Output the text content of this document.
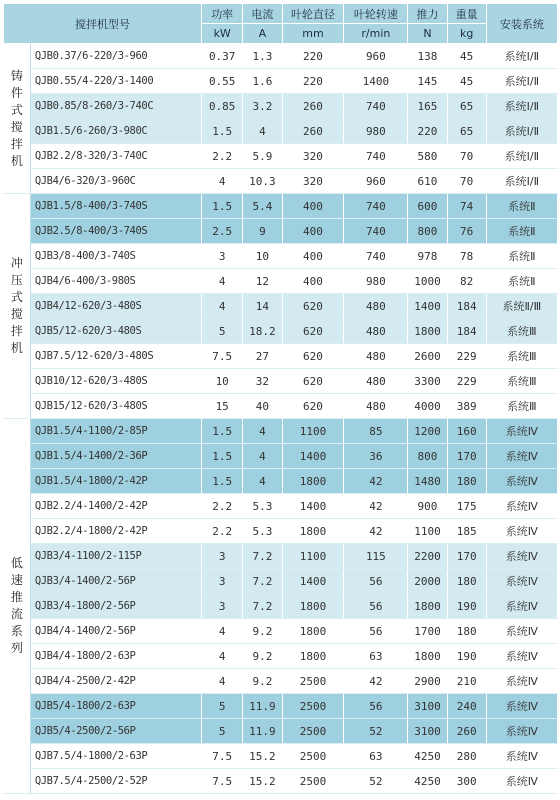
搅拌机型号		功率	电流	叶轮直径	叶轮转速	推力	重量	安装系统
		kW	A	mm	r/min	N	kg	
铸件式搅拌机	QJB0.37/6-220/3-960	0.37	1.3	220	960	138	45	系统Ⅰ/Ⅱ
	QJB0.55/4-220/3-1400	0.55	1.6	220	1400	145	45	系统Ⅰ/Ⅱ
	QJB0.85/8-260/3-740C	0.85	3.2	260	740	165	65	系统Ⅰ/Ⅱ
	QJB1.5/6-260/3-980C	1.5	4	260	980	220	65	系统Ⅰ/Ⅱ
	QJB2.2/8-320/3-740C	2.2	5.9	320	740	580	70	系统Ⅰ/Ⅱ
	QJB4/6-320/3-960C	4	10.3	320	960	610	70	系统Ⅰ/Ⅱ
冲压式搅拌机	QJB1.5/8-400/3-740S	1.5	5.4	400	740	600	74	系统Ⅱ
	QJB2.5/8-400/3-740S	2.5	9	400	740	800	76	系统Ⅱ
	QJB3/8-400/3-740S	3	10	400	740	978	78	系统Ⅱ
	QJB4/6-400/3-980S	4	12	400	980	1000	82	系统Ⅱ
	QJB4/12-620/3-480S	4	14	620	480	1400	184	系统Ⅱ/Ⅲ
	QJB5/12-620/3-480S	5	18.2	620	480	1800	184	系统Ⅲ
	QJB7.5/12-620/3-480S	7.5	27	620	480	2600	229	系统Ⅲ
	QJB10/12-620/3-480S	10	32	620	480	3300	229	系统Ⅲ
	QJB15/12-620/3-480S	15	40	620	480	4000	389	系统Ⅲ
低速推流系列	QJB1.5/4-1100/2-85P	1.5	4	1100	85	1200	160	系统Ⅳ
	QJB1.5/4-1400/2-36P	1.5	4	1400	36	800	170	系统Ⅳ
	QJB1.5/4-1800/2-42P	1.5	4	1800	42	1480	180	系统Ⅳ
	QJB2.2/4-1400/2-42P	2.2	5.3	1400	42	900	175	系统Ⅳ
	QJB2.2/4-1800/2-42P	2.2	5.3	1800	42	1100	185	系统Ⅳ
	QJB3/4-1100/2-115P	3	7.2	1100	115	2200	170	系统Ⅳ
	QJB3/4-1400/2-56P	3	7.2	1400	56	2000	180	系统Ⅳ
	QJB3/4-1800/2-56P	3	7.2	1800	56	1800	190	系统Ⅳ
	QJB4/4-1400/2-56P	4	9.2	1800	56	1700	180	系统Ⅳ
	QJB4/4-1800/2-63P	4	9.2	1800	63	1800	190	系统Ⅳ
	QJB4/4-2500/2-42P	4	9.2	2500	42	2900	210	系统Ⅳ
	QJB5/4-1800/2-63P	5	11.9	2500	56	3100	240	系统Ⅳ
	QJB5/4-2500/2-56P	5	11.9	2500	52	3100	260	系统Ⅳ
	QJB7.5/4-1800/2-63P	7.5	15.2	2500	63	4250	280	系统Ⅳ
	QJB7.5/4-2500/2-52P	7.5	15.2	2500	52	4250	300	系统Ⅳ
